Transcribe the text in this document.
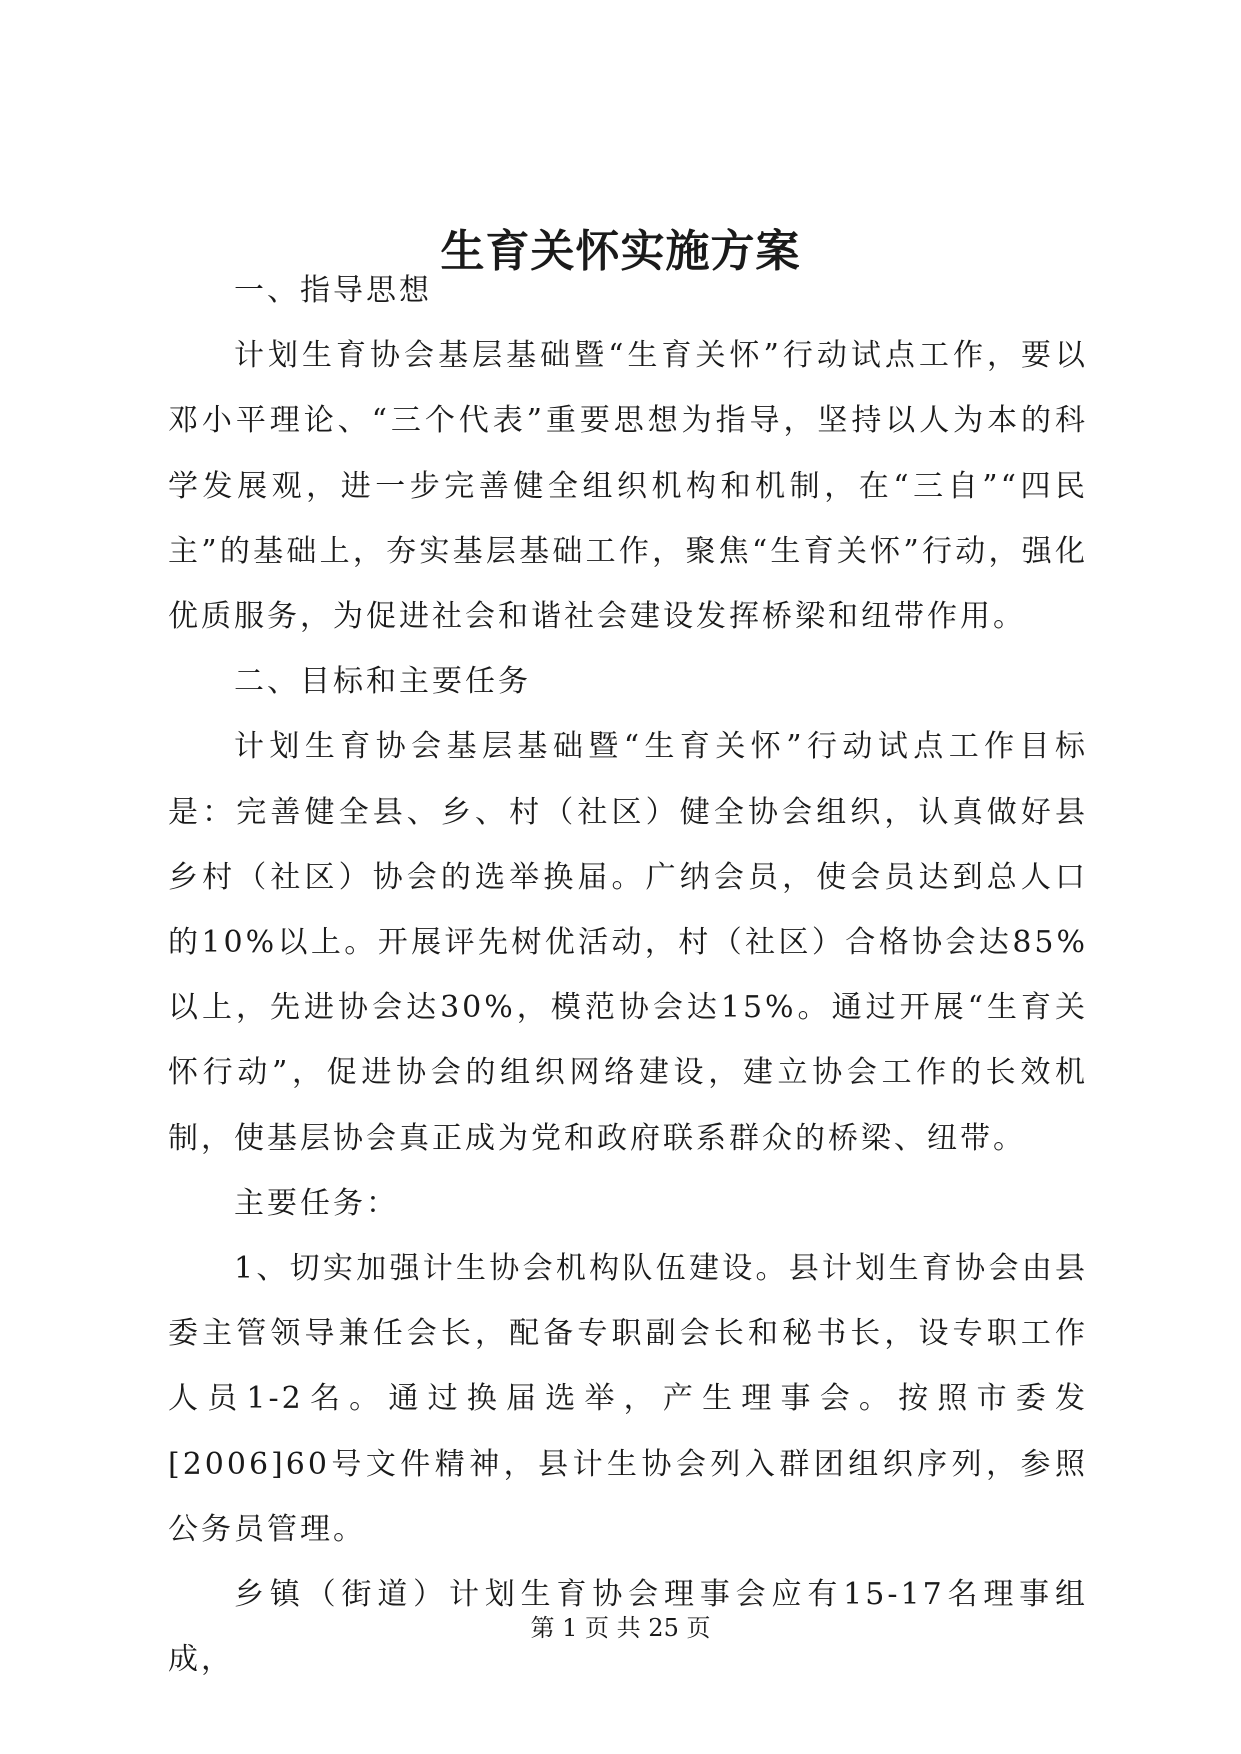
生育关怀实施方案

一、指导思想

计划生育协会基层基础暨“生育关怀”行动试点工作，要以邓小平理论、“三个代表”重要思想为指导，坚持以人为本的科学发展观，进一步完善健全组织机构和机制，在“三自”“四民主”的基础上，夯实基层基础工作，聚焦“生育关怀”行动，强化优质服务，为促进社会和谐社会建设发挥桥梁和纽带作用。

二、目标和主要任务

计划生育协会基层基础暨“生育关怀”行动试点工作目标是：完善健全县、乡、村（社区）健全协会组织，认真做好县乡村（社区）协会的选举换届。广纳会员，使会员达到总人口的10%以上。开展评先树优活动，村（社区）合格协会达85%以上，先进协会达30%，模范协会达15%。通过开展“生育关怀行动”，促进协会的组织网络建设，建立协会工作的长效机制，使基层协会真正成为党和政府联系群众的桥梁、纽带。

主要任务：

1、切实加强计生协会机构队伍建设。县计划生育协会由县委主管领导兼任会长，配备专职副会长和秘书长，设专职工作人员1-2名。通过换届选举，产生理事会。按照市委发[2006]60号文件精神，县计生协会列入群团组织序列，参照公务员管理。

乡镇（街道）计划生育协会理事会应有15-17名理事组成，

第 1 页 共 25 页
